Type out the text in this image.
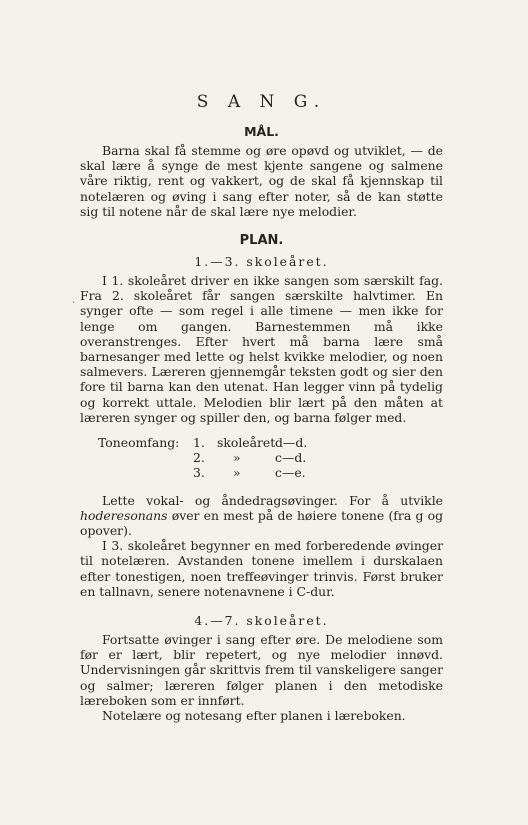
·
S A N G.
MÅL.

Barna skal få stemme og øre opøvd og utviklet, — de skal lære å synge de mest kjente sangene og salmene våre riktig, rent og vakkert, og de skal få kjennskap til notelæren og øving i sang efter noter, så de kan støtte sig til notene når de skal lære nye melodier.

PLAN.
1.—3. skoleåret.

I 1. skoleåret driver en ikke sangen som særskilt fag. Fra 2. skoleåret får sangen særskilte halvtimer. En synger ofte — som regel i alle timene — men ikke for lenge om gangen. Barnestemmen må ikke overanstrenges. Efter hvert må barna lære små barnesanger med lette og helst kvikke melodier, og noen salmevers. Læreren gjennemgår teksten godt og sier den fore til barna kan den utenat. Han legger vinn på tydelig og korrekt uttale. Melodien blir lært på den måten at læreren synger og spiller den, og barna følger med.

Toneomfang:	1. skoleåret d—d.
2.	»	c—d.
3.	»	c—e.

Lette vokal- og åndedragsøvinger. For å utvikle hoderesonans øver en mest på de høiere tonene (fra g og opover).

I 3. skoleåret begynner en med forberedende øvinger til notelæren. Avstanden tonene imellem i durskalaen efter tonestigen, noen treffeøvinger trinvis. Først bruker en tallnavn, senere notenavnene i C-dur.

4.—7. skoleåret.

Fortsatte øvinger i sang efter øre. De melodiene som før er lært, blir repetert, og nye melodier innøvd. Undervisningen går skrittvis frem til vanskeligere sanger og salmer; læreren følger planen i den metodiske læreboken som er innført.

Notelære og notesang efter planen i læreboken.
